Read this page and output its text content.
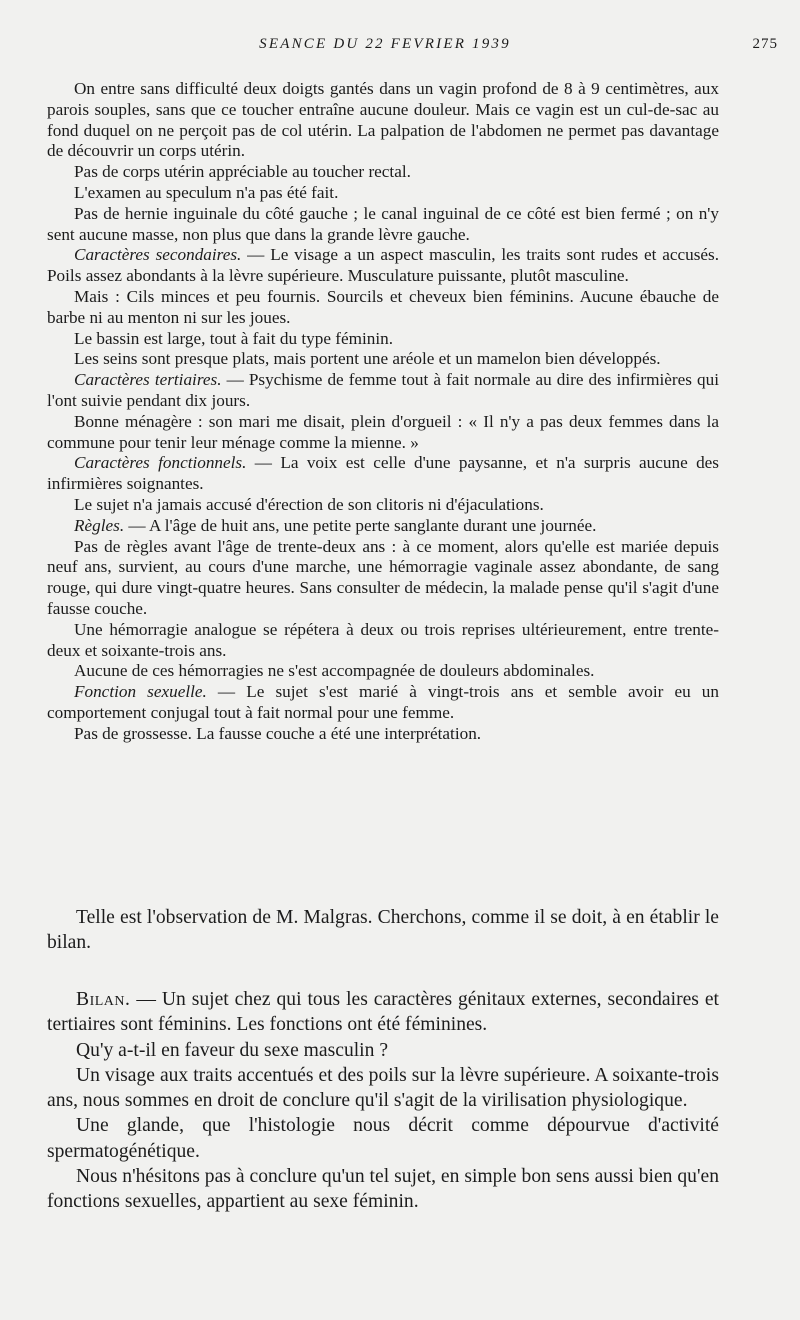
SEANCE DU 22 FEVRIER 1939	275

On entre sans difficulté deux doigts gantés dans un vagin profond de 8 à 9 centimètres, aux parois souples, sans que ce toucher entraîne aucune douleur. Mais ce vagin est un cul-de-sac au fond duquel on ne perçoit pas de col utérin. La palpation de l'abdomen ne permet pas davantage de découvrir un corps utérin.

Pas de corps utérin appréciable au toucher rectal.

L'examen au speculum n'a pas été fait.

Pas de hernie inguinale du côté gauche ; le canal inguinal de ce côté est bien fermé ; on n'y sent aucune masse, non plus que dans la grande lèvre gauche.

Caractères secondaires. — Le visage a un aspect masculin, les traits sont rudes et accusés. Poils assez abondants à la lèvre supérieure. Musculature puissante, plutôt masculine.

Mais : Cils minces et peu fournis. Sourcils et cheveux bien féminins. Aucune ébauche de barbe ni au menton ni sur les joues.

Le bassin est large, tout à fait du type féminin.

Les seins sont presque plats, mais portent une aréole et un mamelon bien développés.

Caractères tertiaires. — Psychisme de femme tout à fait normale au dire des infirmières qui l'ont suivie pendant dix jours.

Bonne ménagère : son mari me disait, plein d'orgueil : « Il n'y a pas deux femmes dans la commune pour tenir leur ménage comme la mienne. »

Caractères fonctionnels. — La voix est celle d'une paysanne, et n'a surpris aucune des infirmières soignantes.

Le sujet n'a jamais accusé d'érection de son clitoris ni d'éjaculations.

Règles. — A l'âge de huit ans, une petite perte sanglante durant une journée.

Pas de règles avant l'âge de trente-deux ans : à ce moment, alors qu'elle est mariée depuis neuf ans, survient, au cours d'une marche, une hémorragie vaginale assez abondante, de sang rouge, qui dure vingt-quatre heures. Sans consulter de médecin, la malade pense qu'il s'agit d'une fausse couche.

Une hémorragie analogue se répétera à deux ou trois reprises ultérieurement, entre trente-deux et soixante-trois ans.

Aucune de ces hémorragies ne s'est accompagnée de douleurs abdominales.

Fonction sexuelle. — Le sujet s'est marié à vingt-trois ans et semble avoir eu un comportement conjugal tout à fait normal pour une femme.

Pas de grossesse. La fausse couche a été une interprétation.

Telle est l'observation de M. Malgras. Cherchons, comme il se doit, à en établir le bilan.

Bilan. — Un sujet chez qui tous les caractères génitaux externes, secondaires et tertiaires sont féminins. Les fonctions ont été féminines.

Qu'y a-t-il en faveur du sexe masculin ?

Un visage aux traits accentués et des poils sur la lèvre supérieure. A soixante-trois ans, nous sommes en droit de conclure qu'il s'agit de la virilisation physiologique.

Une glande, que l'histologie nous décrit comme dépourvue d'activité spermatogénétique.

Nous n'hésitons pas à conclure qu'un tel sujet, en simple bon sens aussi bien qu'en fonctions sexuelles, appartient au sexe féminin.
